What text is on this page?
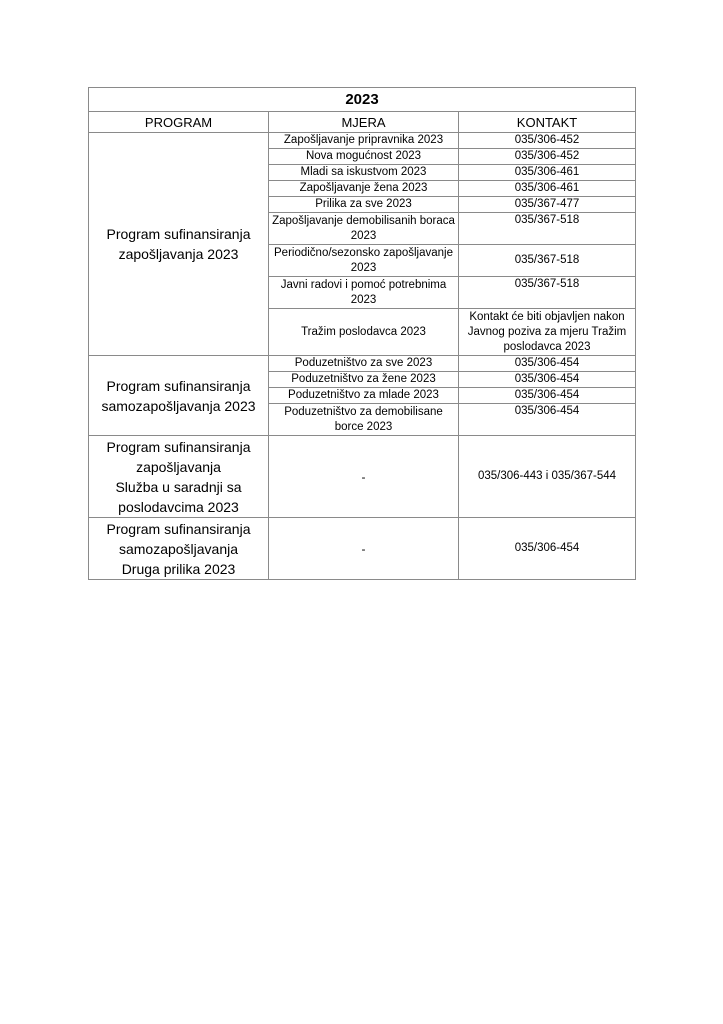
2023		
PROGRAM	MJERA	KONTAKT
Program sufinansiranja zapošljavanja 2023	Zapošljavanje pripravnika 2023	035/306-452
	Nova mogućnost 2023	035/306-452
	Mladi sa iskustvom 2023	035/306-461
	Zapošljavanje žena 2023	035/306-461
	Prilika za sve 2023	035/367-477
	Zapošljavanje demobilisanih boraca 2023	035/367-518
	Periodično/sezonsko zapošljavanje 2023	035/367-518
	Javni radovi i pomoć potrebnima 2023	035/367-518
	Tražim poslodavca 2023	Kontakt će biti objavljen nakon Javnog poziva za mjeru Tražim poslodavca 2023
Program sufinansiranja samozapošljavanja 2023	Poduzetništvo za sve 2023	035/306-454
	Poduzetništvo za žene 2023	035/306-454
	Poduzetništvo za mlade 2023	035/306-454
	Poduzetništvo za demobilisane borce 2023	035/306-454

Program sufinansiranja zapošljavanja
Služba u saradnji sa poslodavcima 2023	-	035/306-443 i 035/367-544

Program sufinansiranja samozapošljavanja
Druga prilika 2023	-	035/306-454
